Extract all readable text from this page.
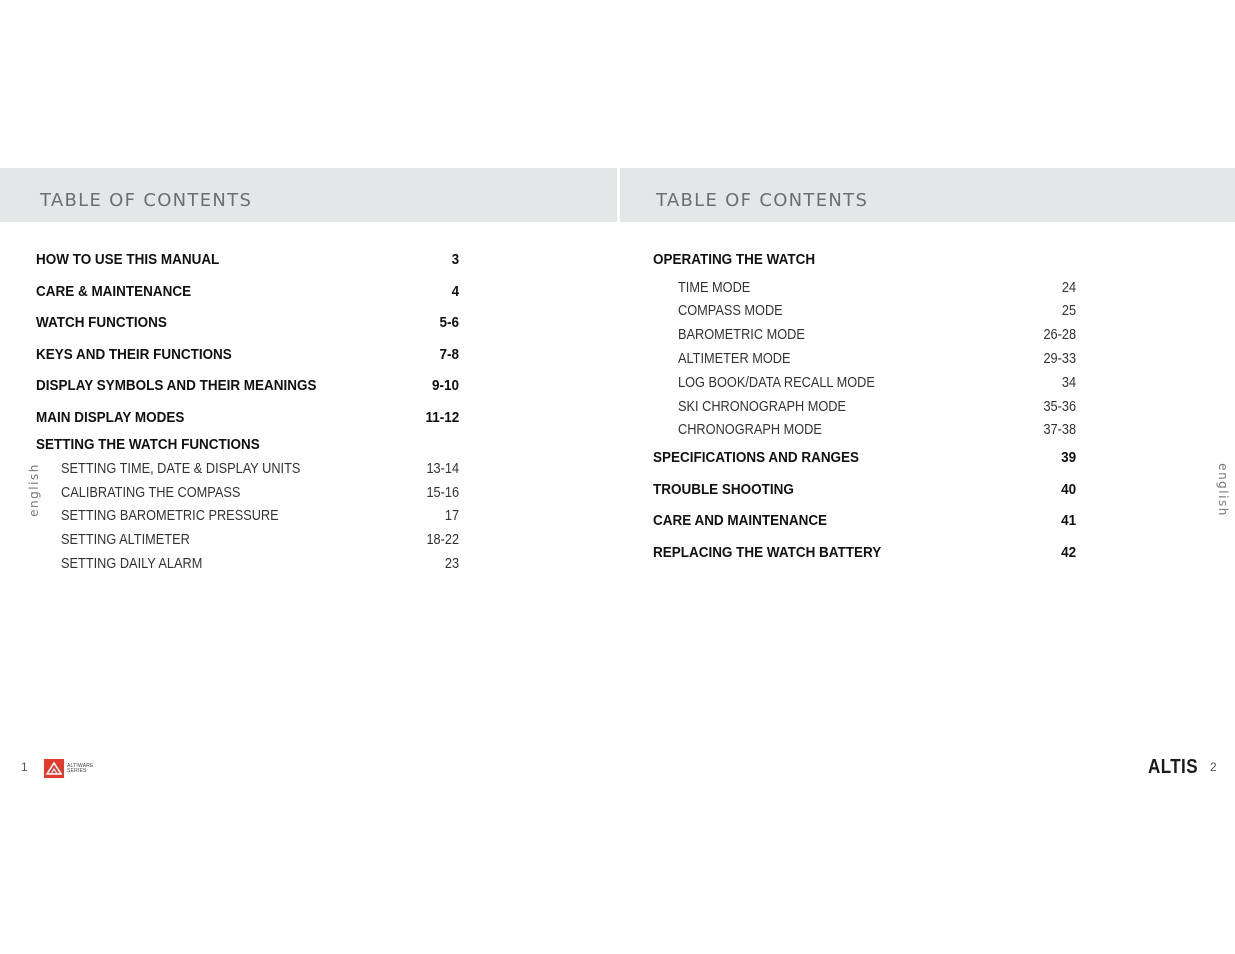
TABLE OF CONTENTS	TABLE OF CONTENTS
HOW TO USE THIS MANUAL	3
CARE & MAINTENANCE	4
WATCH FUNCTIONS	5-6
KEYS AND THEIR FUNCTIONS	7-8
DISPLAY SYMBOLS AND THEIR MEANINGS	9-10
MAIN DISPLAY MODES	11-12
SETTING THE WATCH FUNCTIONS
SETTING TIME, DATE & DISPLAY UNITS	13-14
CALIBRATING THE COMPASS	15-16
SETTING BAROMETRIC PRESSURE	17
SETTING ALTIMETER	18-22
SETTING DAILY ALARM	23
OPERATING THE WATCH
TIME MODE	24
COMPASS MODE	25
BAROMETRIC MODE	26-28
ALTIMETER MODE	29-33
LOG BOOK/DATA RECALL MODE	34
SKI CHRONOGRAPH MODE	35-36
CHRONOGRAPH MODE	37-38
SPECIFICATIONS AND RANGES	39
TROUBLE SHOOTING	40
CARE AND MAINTENANCE	41
REPLACING THE WATCH BATTERY	42
english	english
1	ALTIWARE SERIES	ALTIS 2
